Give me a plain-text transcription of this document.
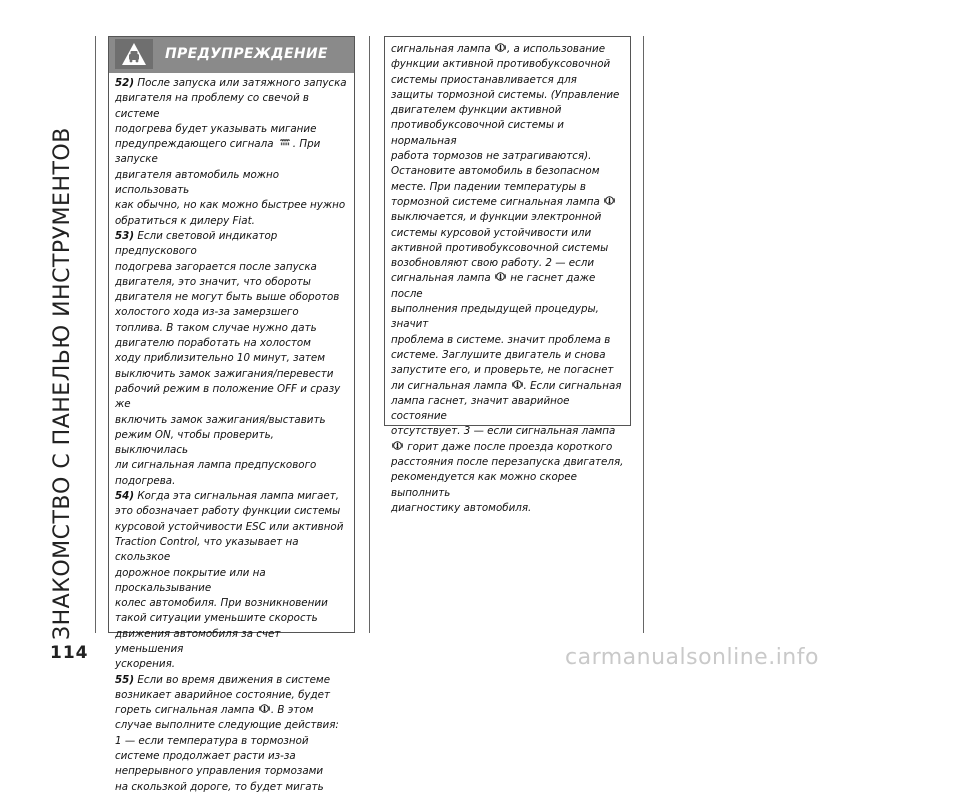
ЗНАКОМСТВО С ПАНЕЛЬЮ ИНСТРУМЕНТОВ
114
ПРЕДУПРЕЖДЕНИЕ

52) После запуска или затяжного запуска
двигателя на проблему со свечой в системе
подогрева будет указывать мигание
предупреждающего сигнала . При запуске
двигателя автомобиль можно использовать
как обычно, но как можно быстрее нужно
обратиться к дилеру Fiat.

53) Если световой индикатор предпускового
подогрева загорается после запуска
двигателя, это значит, что обороты
двигателя не могут быть выше оборотов
холостого хода из-за замерзшего
топлива. В таком случае нужно дать
двигателю поработать на холостом
ходу приблизительно 10 минут, затем
выключить замок зажигания/перевести
рабочий режим в положение OFF и сразу же
включить замок зажигания/выставить
режим ON, чтобы проверить, выключилась
ли сигнальная лампа предпускового
подогрева.

54) Когда эта сигнальная лампа мигает,
это обозначает работу функции системы
курсовой устойчивости ESC или активной
Traction Control, что указывает на скользкое
дорожное покрытие или на проскальзывание
колес автомобиля. При возникновении
такой ситуации уменьшите скорость
движения автомобиля за счет уменьшения
ускорения.

55) Если во время движения в системе
возникает аварийное состояние, будет
гореть сигнальная лампа . В этом
случае выполните следующие действия:
1 — если температура в тормозной
системе продолжает расти из-за
непрерывного управления тормозами
на скользкой дороге, то будет мигать

сигнальная лампа , а использование
функции активной противобуксовочной
системы приостанавливается для
защиты тормозной системы. (Управление
двигателем функции активной
противобуксовочной системы и нормальная
работа тормозов не затрагиваются).
Остановите автомобиль в безопасном
месте. При падении температуры в
тормозной системе сигнальная лампа
выключается, и функции электронной
системы курсовой устойчивости или
активной противобуксовочной системы
возобновляют свою работу. 2 — если
сигнальная лампа  не гаснет даже после
выполнения предыдущей процедуры, значит
проблема в системе. значит проблема в
системе. Заглушите двигатель и снова
запустите его, и проверьте, не погаснет
ли сигнальная лампа . Если сигнальная
лампа гаснет, значит аварийное состояние
отсутствует. 3 — если сигнальная лампа
горит даже после проезда короткого
расстояния после перезапуска двигателя,
рекомендуется как можно скорее выполнить
диагностику автомобиля.

carmanualsonline.info
